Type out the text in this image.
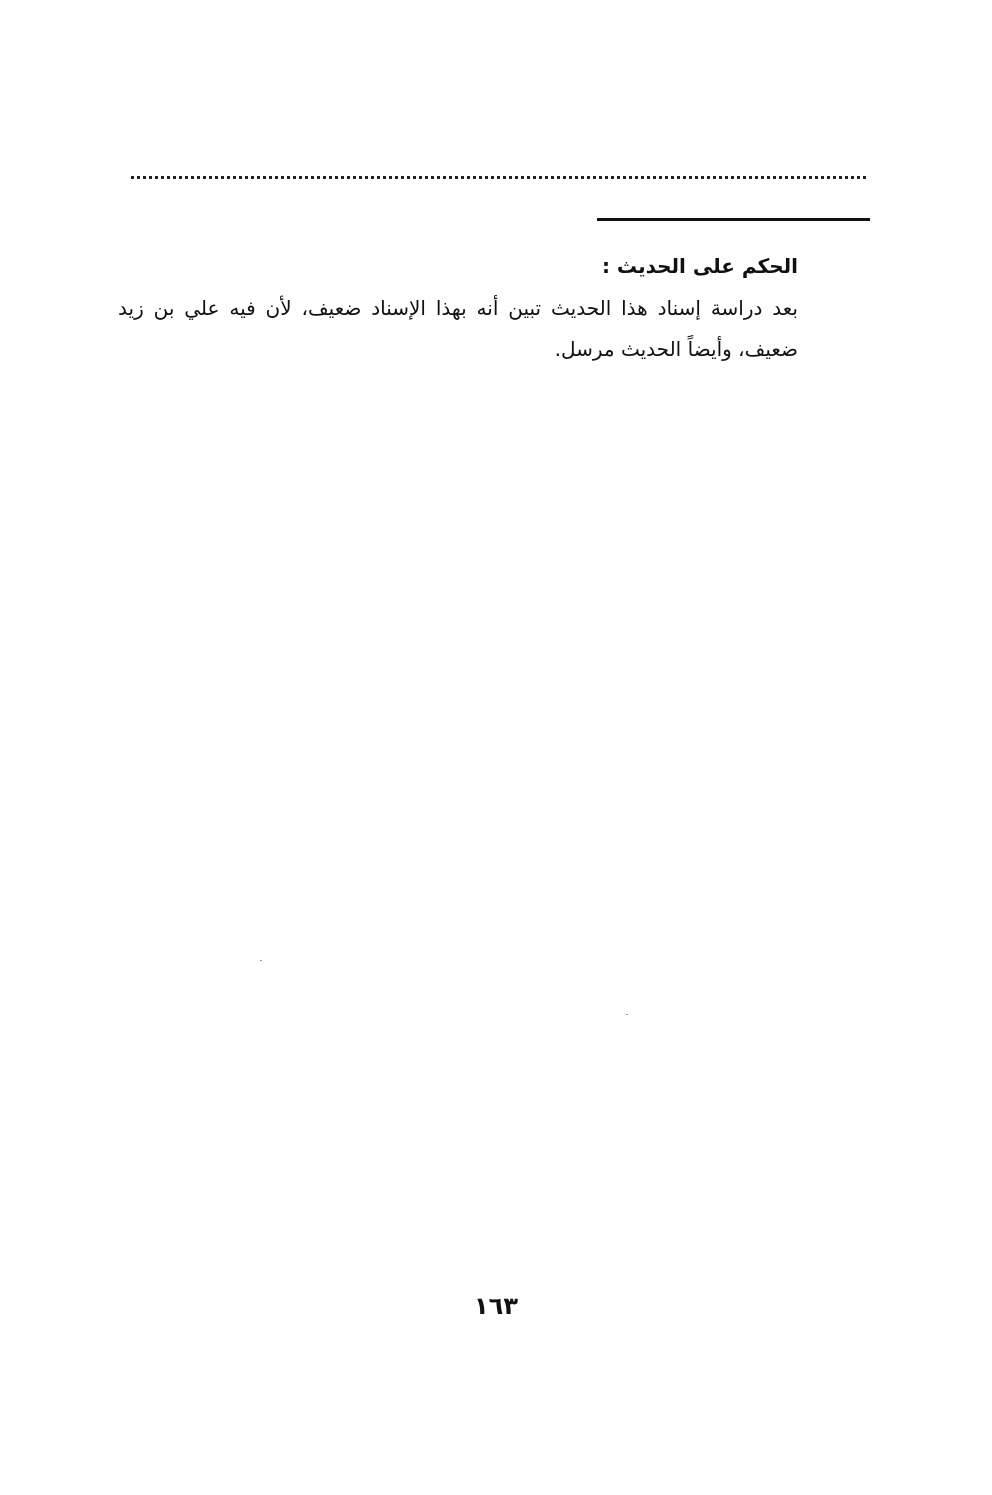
الحكم على الحديث :

بعد دراسة إسناد هذا الحديث تبين أنه بهذا الإسناد ضعيف، لأن فيه علي بن زيد ضعيف، وأيضاً الحديث مرسل.

١٦٣
